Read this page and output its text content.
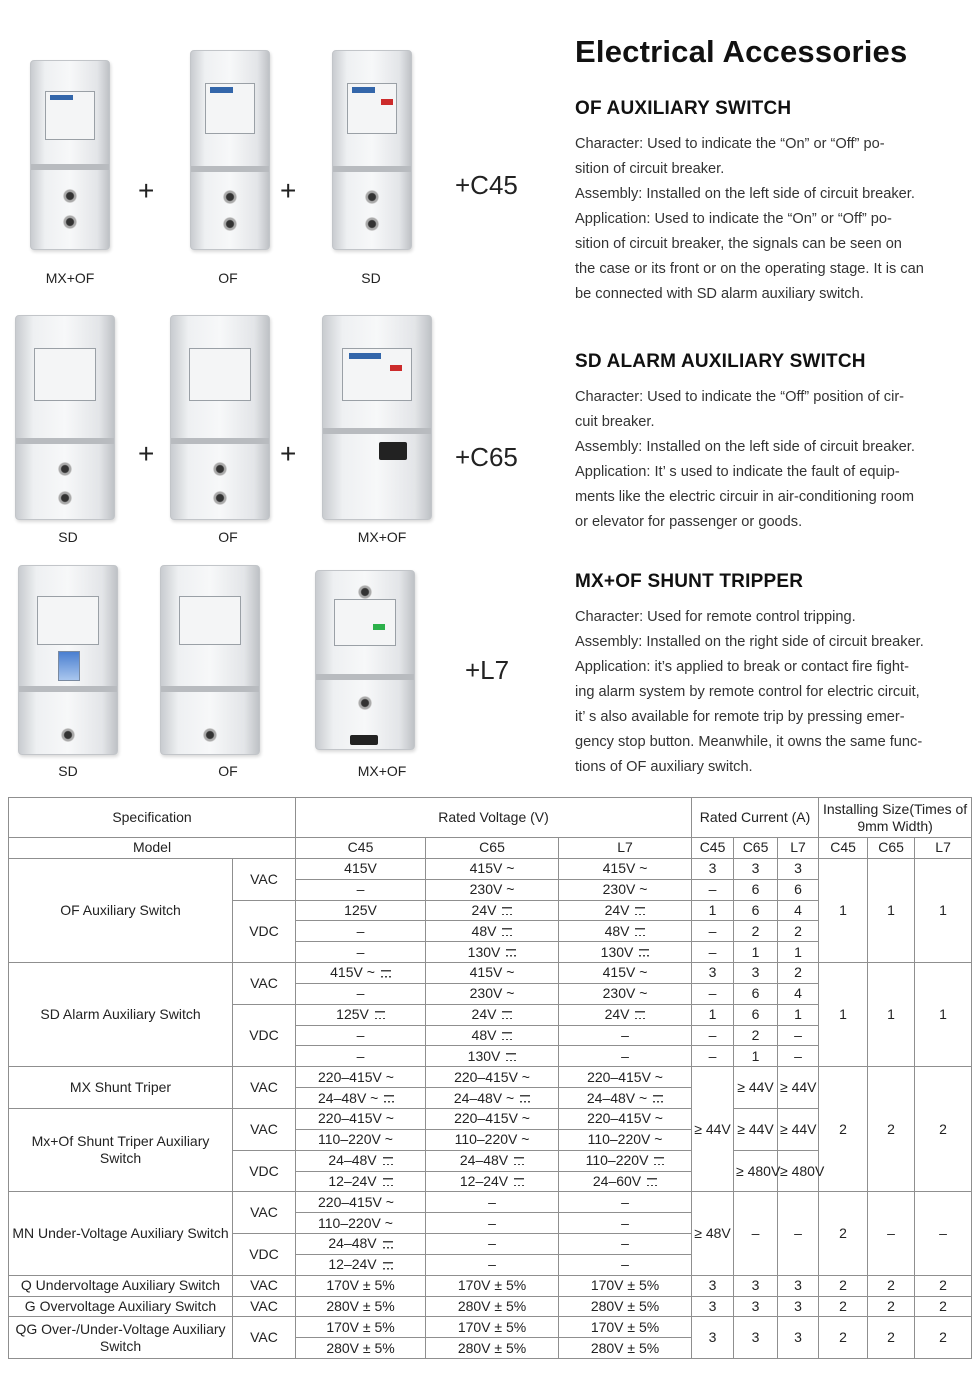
MX+OF	OF	SD
+	+	+C45
SD	OF	MX+OF
+	+	+C65
SD	OF	MX+OF
+L7
Electrical Accessories
OF AUXILIARY SWITCH

Character: Used to indicate the “On” or “Off” po-

sition of circuit breaker.

Assembly: Installed on the left side of circuit breaker.

Application: Used to indicate the “On” or “Off” po-

sition of circuit breaker, the signals can be seen on

the case or its front or on the operating stage. It is can

be connected with SD alarm auxiliary switch.

SD ALARM AUXILIARY SWITCH

Character: Used to indicate the “Off” position of cir-

cuit breaker.

Assembly: Installed on the left side of circuit breaker.

Application: It’ s used to indicate the fault of equip-

ments like the electric circuir in air-conditioning room

or elevator for passenger or goods.

MX+OF SHUNT TRIPPER

Character: Used for remote control tripping.

Assembly: Installed on the right side of circuit breaker.

Application: it’s applied to break or contact fire fight-

ing alarm system by remote control for electric circuit,

it’ s also available for remote trip by pressing emer-

gency stop button. Meanwhile, it owns the same func-

tions of OF auxiliary switch.

Specification		Rated Voltage (V)			Rated Current (A)			Installing Size(Times of 9mm Width)		
Model		C45	C65	L7	C45	C65	L7	C45	C65	L7
OF Auxiliary Switch	VAC	415V	415V ~	415V ~	3	3	3	1	1	1
		–	230V ~	230V ~	–	6	6			
	VDC	125V	24V	24V	1	6	4			
		–	48V	48V	–	2	2			
		–	130V	130V	–	1	1			
SD Alarm Auxiliary Switch	VAC	415V ~	415V ~	415V ~	3	3	2	1	1	1
		–	230V ~	230V ~	–	6	4			
	VDC	125V	24V	24V	1	6	1			
		–	48V	–	–	2	–			
		–	130V	–	–	1	–			
MX Shunt Triper	VAC	220–415V ~	220–415V ~	220–415V ~	≥ 44V	≥ 44V	≥ 44V	2	2	2
		24–48V ~	24–48V ~	24–48V ~						
Mx+Of Shunt Triper Auxiliary Switch	VAC	220–415V ~	220–415V ~	220–415V ~		≥ 44V	≥ 44V			
		110–220V ~	110–220V ~	110–220V ~						
	VDC	24–48V	24–48V	110–220V		≥ 480V	≥ 480V			
		12–24V	12–24V	24–60V						
MN Under-Voltage Auxiliary Switch	VAC	220–415V ~	–	–	≥ 48V	–	–	2	–	–
		110–220V ~	–	–						
	VDC	24–48V	–	–						
		12–24V	–	–						
Q Undervoltage Auxiliary Switch	VAC	170V ± 5%	170V ± 5%	170V ± 5%	3	3	3	2	2	2
G Overvoltage Auxiliary Switch	VAC	280V ± 5%	280V ± 5%	280V ± 5%	3	3	3	2	2	2
QG Over-/Under-Voltage Auxiliary Switch	VAC	170V ± 5%	170V ± 5%	170V ± 5%	3	3	3	2	2	2
		280V ± 5%	280V ± 5%	280V ± 5%						
